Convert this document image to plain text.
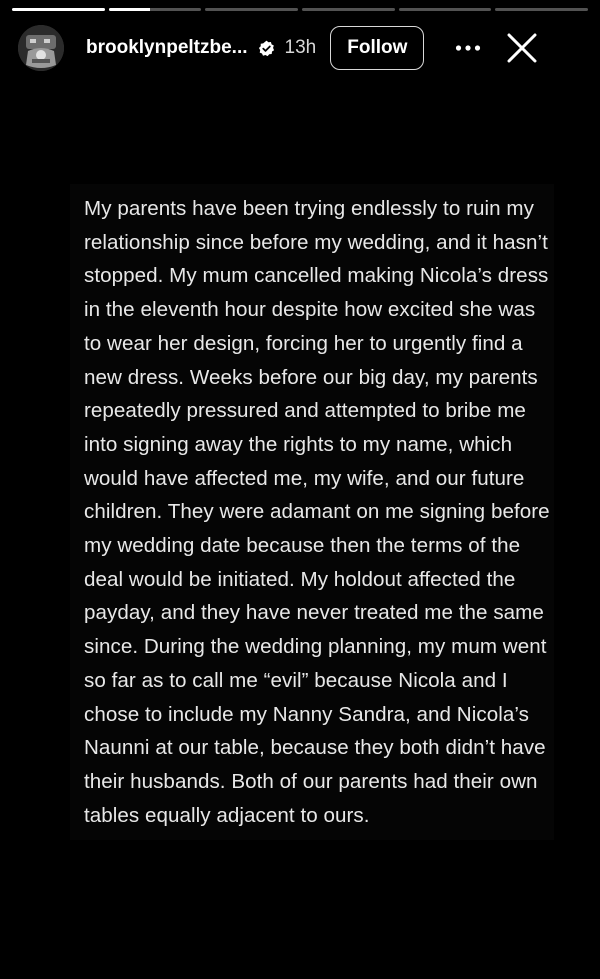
brooklynpeltzbe... 13h	Follow

My parents have been trying endlessly to ruin my relationship since before my wedding, and it hasn’t stopped. My mum cancelled making Nicola’s dress in the eleventh hour despite how excited she was to wear her design, forcing her to urgently find a new dress. Weeks before our big day, my parents repeatedly pressured and attempted to bribe me into signing away the rights to my name, which would have affected me, my wife, and our future children. They were adamant on me signing before my wedding date because then the terms of the deal would be initiated. My holdout affected the payday, and they have never treated me the same since. During the wedding planning, my mum went so far as to call me “evil” because Nicola and I chose to include my Nanny Sandra, and Nicola’s Naunni at our table, because they both didn’t have their husbands. Both of our parents had their own tables equally adjacent to ours.
